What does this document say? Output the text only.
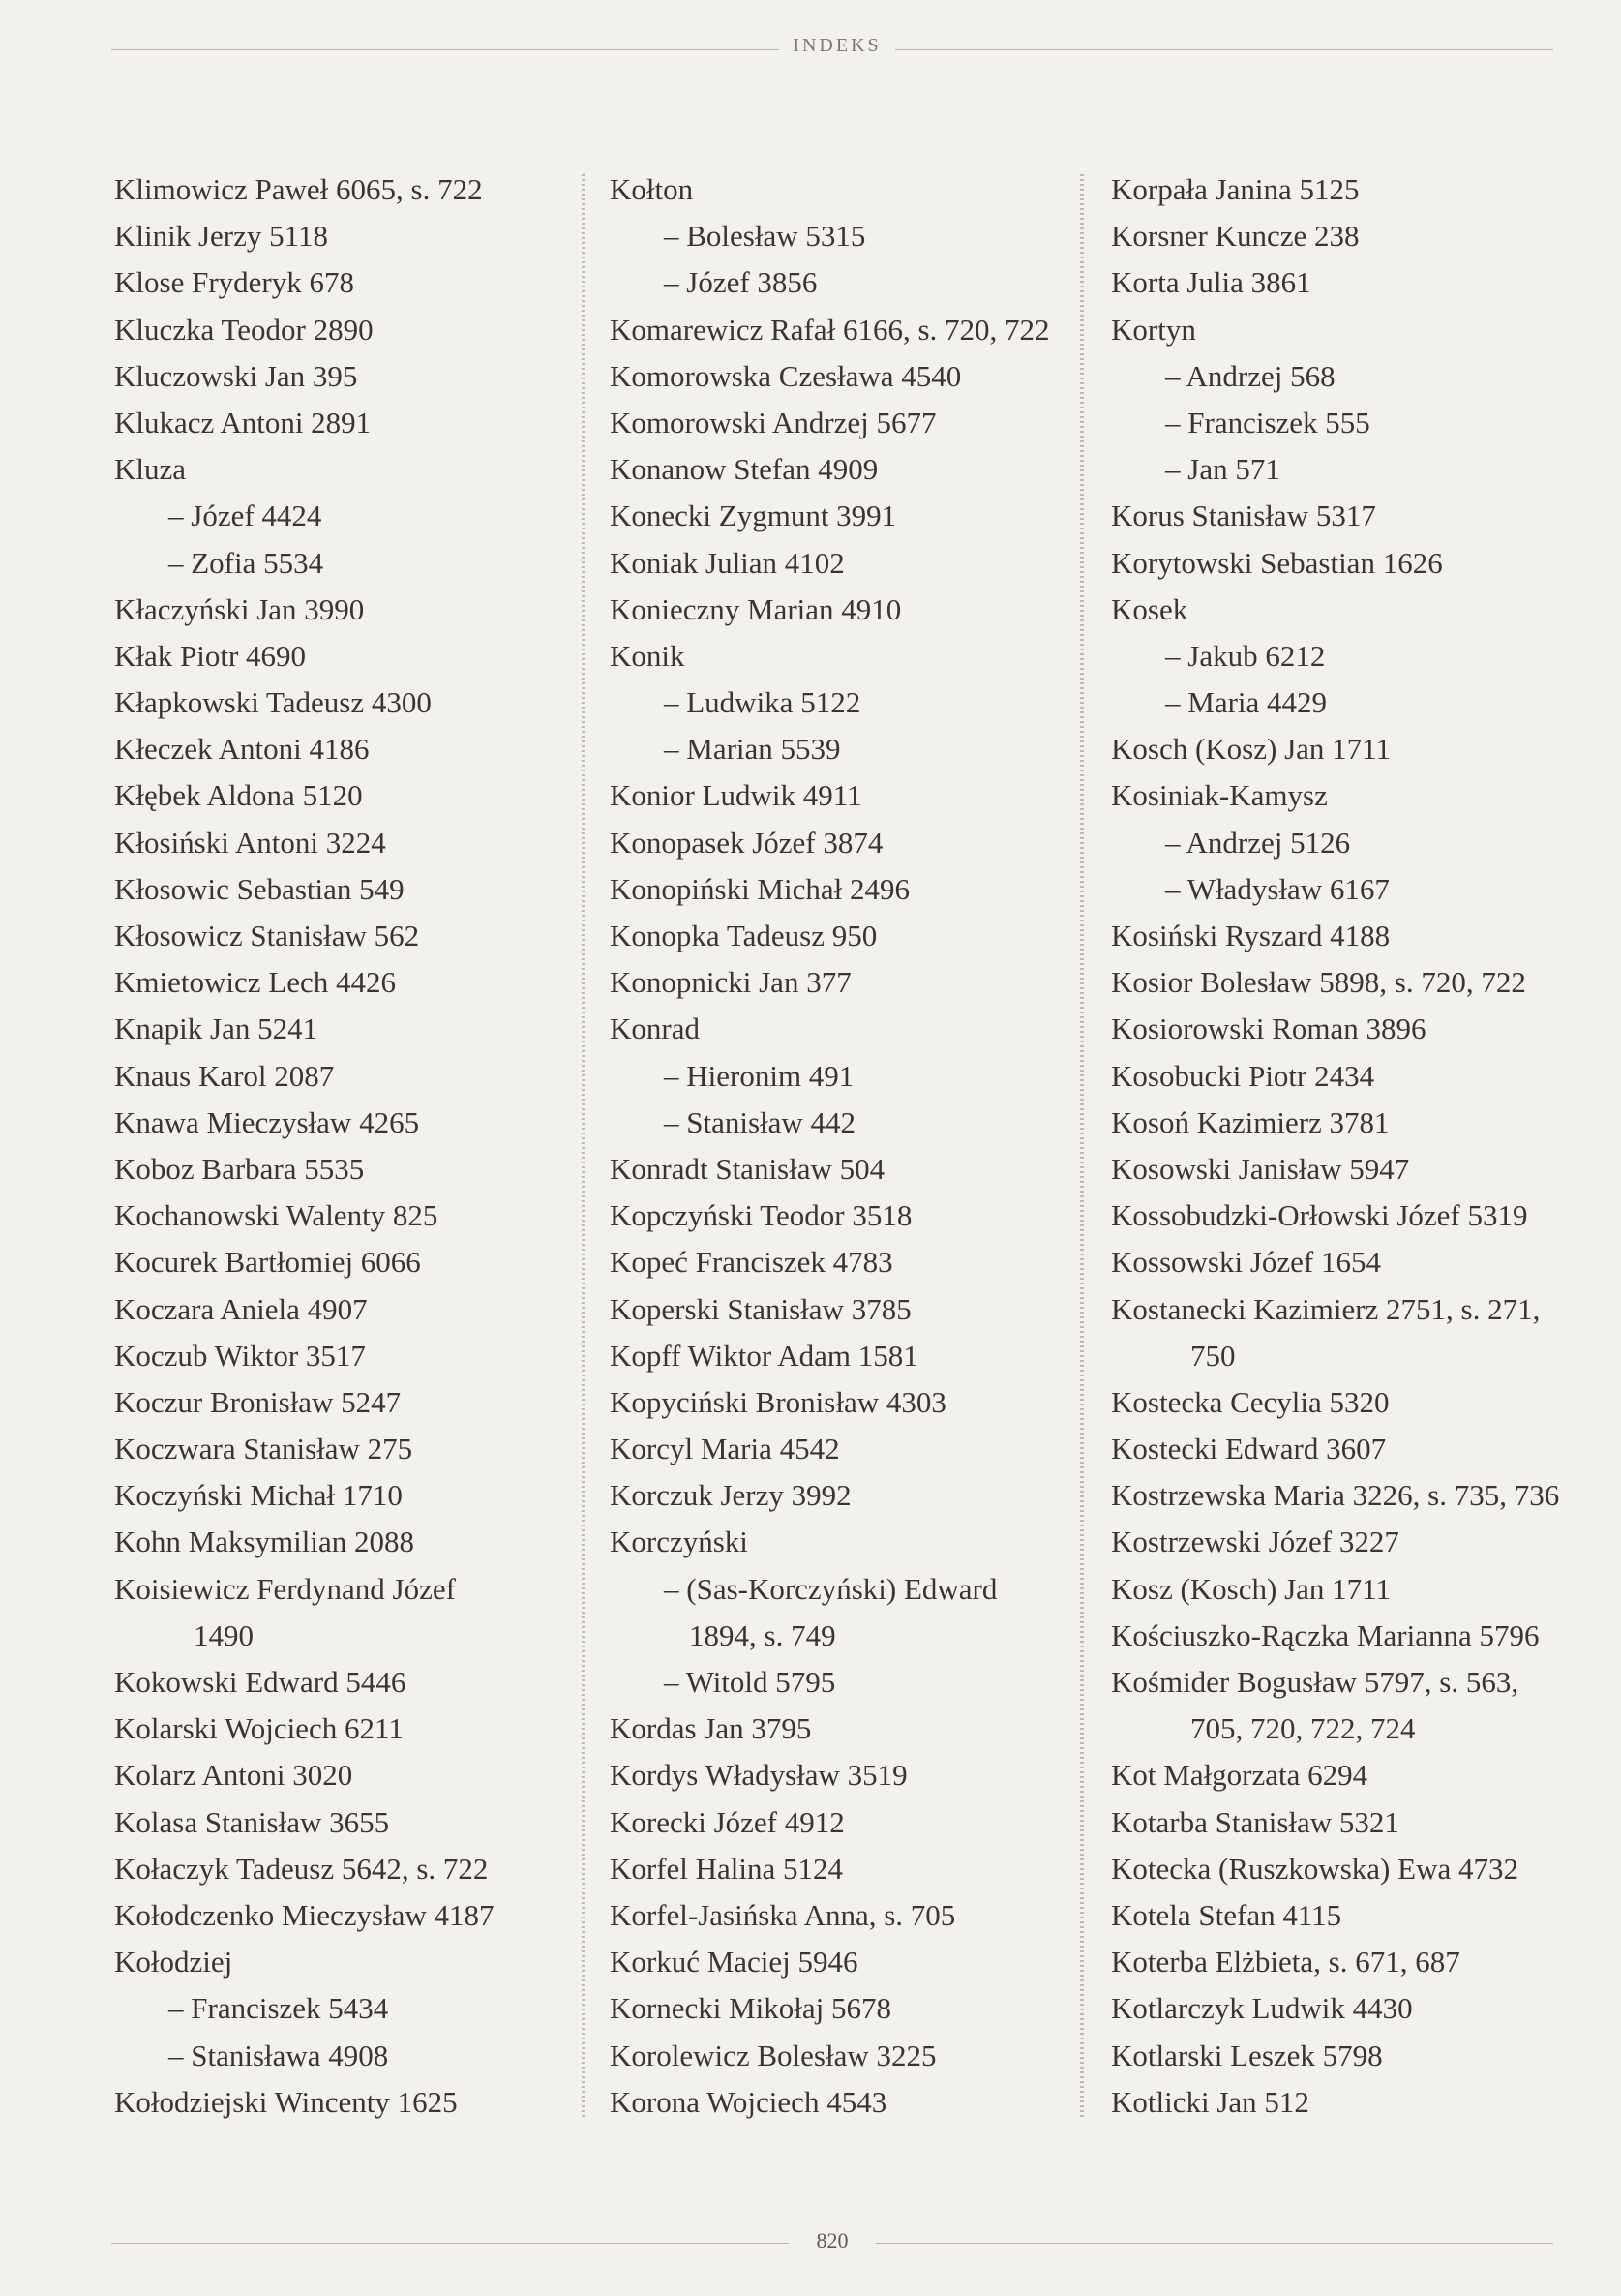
INDEKS
Klimowicz Paweł 6065, s. 722
Klinik Jerzy 5118
Klose Fryderyk 678
Kluczka Teodor 2890
Kluczowski Jan 395
Klukacz Antoni 2891
Kluza
– Józef 4424
– Zofia 5534
Kłaczyński Jan 3990
Kłak Piotr 4690
Kłapkowski Tadeusz 4300
Kłeczek Antoni 4186
Kłębek Aldona 5120
Kłosiński Antoni 3224
Kłosowic Sebastian 549
Kłosowicz Stanisław 562
Kmietowicz Lech 4426
Knapik Jan 5241
Knaus Karol 2087
Knawa Mieczysław 4265
Koboz Barbara 5535
Kochanowski Walenty 825
Kocurek Bartłomiej 6066
Koczara Aniela 4907
Koczub Wiktor 3517
Koczur Bronisław 5247
Koczwara Stanisław 275
Koczyński Michał 1710
Kohn Maksymilian 2088
Koisiewicz Ferdynand Józef
1490
Kokowski Edward 5446
Kolarski Wojciech 6211
Kolarz Antoni 3020
Kolasa Stanisław 3655
Kołaczyk Tadeusz 5642, s. 722
Kołodczenko Mieczysław 4187
Kołodziej
– Franciszek 5434
– Stanisława 4908
Kołodziejski Wincenty 1625
Kołton
– Bolesław 5315
– Józef 3856
Komarewicz Rafał 6166, s. 720, 722
Komorowska Czesława 4540
Komorowski Andrzej 5677
Konanow Stefan 4909
Konecki Zygmunt 3991
Koniak Julian 4102
Konieczny Marian 4910
Konik
– Ludwika 5122
– Marian 5539
Konior Ludwik 4911
Konopasek Józef 3874
Konopiński Michał 2496
Konopka Tadeusz 950
Konopnicki Jan 377
Konrad
– Hieronim 491
– Stanisław 442
Konradt Stanisław 504
Kopczyński Teodor 3518
Kopeć Franciszek 4783
Koperski Stanisław 3785
Kopff Wiktor Adam 1581
Kopyciński Bronisław 4303
Korcyl Maria 4542
Korczuk Jerzy 3992
Korczyński
– (Sas-Korczyński) Edward
1894, s. 749
– Witold 5795
Kordas Jan 3795
Kordys Władysław 3519
Korecki Józef 4912
Korfel Halina 5124
Korfel-Jasińska Anna, s. 705
Korkuć Maciej 5946
Kornecki Mikołaj 5678
Korolewicz Bolesław 3225
Korona Wojciech 4543
Korpała Janina 5125
Korsner Kuncze 238
Korta Julia 3861
Kortyn
– Andrzej 568
– Franciszek 555
– Jan 571
Korus Stanisław 5317
Korytowski Sebastian 1626
Kosek
– Jakub 6212
– Maria 4429
Kosch (Kosz) Jan 1711
Kosiniak-Kamysz
– Andrzej 5126
– Władysław 6167
Kosiński Ryszard 4188
Kosior Bolesław 5898, s. 720, 722
Kosiorowski Roman 3896
Kosobucki Piotr 2434
Kosoń Kazimierz 3781
Kosowski Janisław 5947
Kossobudzki-Orłowski Józef 5319
Kossowski Józef 1654
Kostanecki Kazimierz 2751, s. 271,
750
Kostecka Cecylia 5320
Kostecki Edward 3607
Kostrzewska Maria 3226, s. 735, 736
Kostrzewski Józef 3227
Kosz (Kosch) Jan 1711
Kościuszko-Rączka Marianna 5796
Kośmider Bogusław 5797, s. 563,
705, 720, 722, 724
Kot Małgorzata 6294
Kotarba Stanisław 5321
Kotecka (Ruszkowska) Ewa 4732
Kotela Stefan 4115
Koterba Elżbieta, s. 671, 687
Kotlarczyk Ludwik 4430
Kotlarski Leszek 5798
Kotlicki Jan 512
820
